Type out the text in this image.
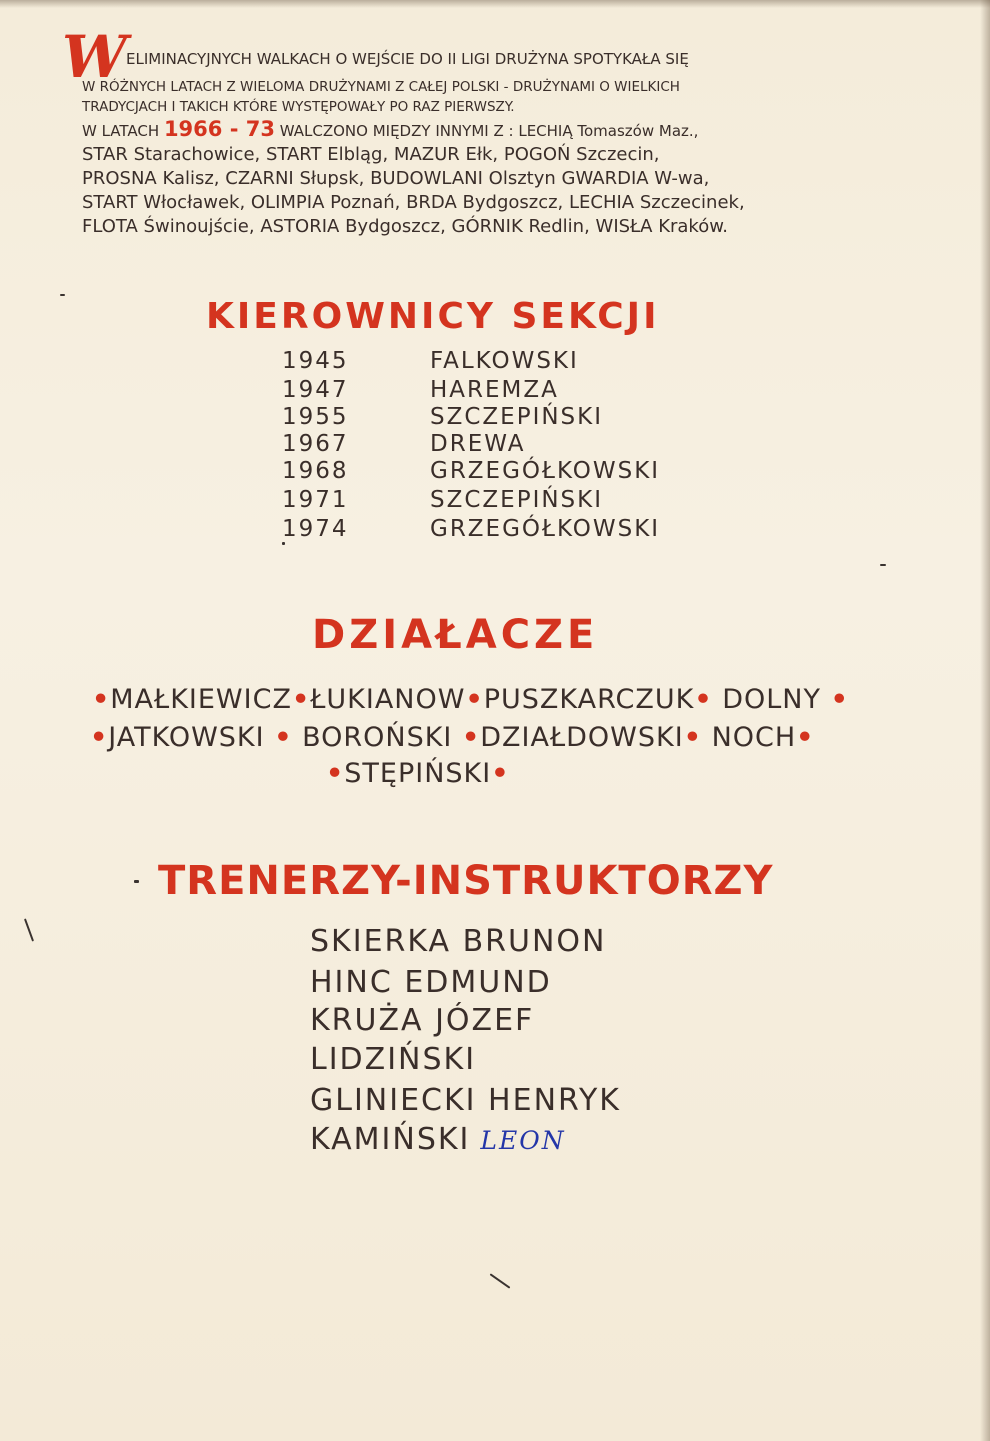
W
ELIMINACYJNYCH WALKACH O WEJŚCIE DO II LIGI DRUŻYNA SPOTYKAŁA SIĘ
W RÓŻNYCH LATACH Z WIELOMA DRUŻYNAMI Z CAŁEJ POLSKI - DRUŻYNAMI O WIELKICH
TRADYCJACH I TAKICH KTÓRE WYSTĘPOWAŁY PO RAZ PIERWSZY.
W LATACH 1966 - 73 WALCZONO MIĘDZY INNYMI Z : LECHIĄ Tomaszów Maz.,
STAR Starachowice, START Elbląg, MAZUR Ełk, POGOŃ Szczecin,
PROSNA Kalisz, CZARNI Słupsk, BUDOWLANI Olsztyn GWARDIA W-wa,
START Włocławek, OLIMPIA Poznań, BRDA Bydgoszcz, LECHIA Szczecinek,
FLOTA Świnoujście, ASTORIA Bydgoszcz, GÓRNIK Redlin, WISŁA Kraków.
KIEROWNICY SEKCJI
1945	FALKOWSKI
1947	HAREMZA
1955	SZCZEPIŃSKI
1967	DREWA
1968	GRZEGÓŁKOWSKI
1971	SZCZEPIŃSKI
1974	GRZEGÓŁKOWSKI
DZIAŁACZE
•MAŁKIEWICZ•ŁUKIANOW•PUSZKARCZUK• DOLNY •
•JATKOWSKI • BOROŃSKI •DZIAŁDOWSKI• NOCH•
•STĘPIŃSKI•
TRENERZY-INSTRUKTORZY
SKIERKA BRUNON
HINC EDMUND
KRUŻA JÓZEF
LIDZIŃSKI
GLINIECKI HENRYK
KAMIŃSKI LEON
